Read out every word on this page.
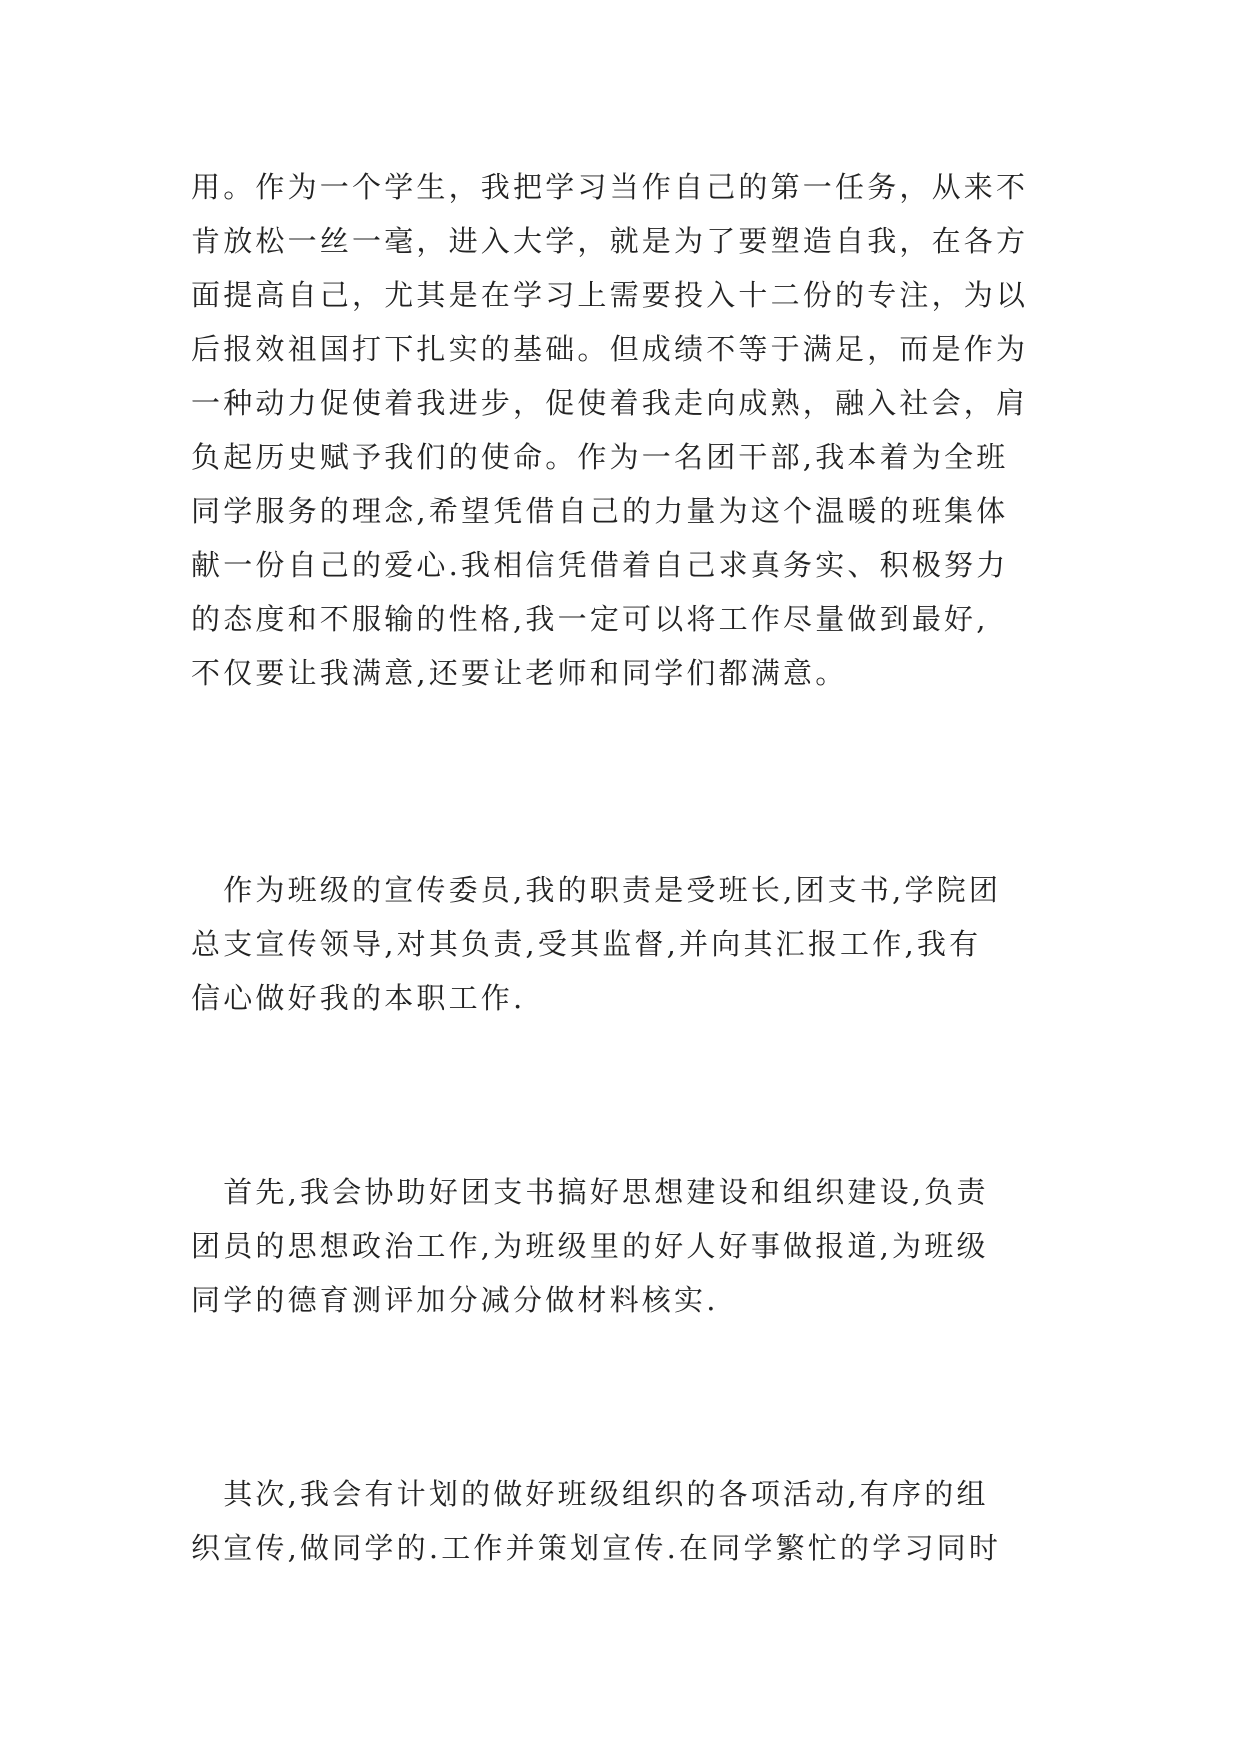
用。作为一个学生，我把学习当作自己的第一任务，从来不
肯放松一丝一毫，进入大学，就是为了要塑造自我，在各方
面提高自己，尤其是在学习上需要投入十二份的专注，为以
后报效祖国打下扎实的基础。但成绩不等于满足，而是作为
一种动力促使着我进步，促使着我走向成熟，融入社会，肩
负起历史赋予我们的使命。作为一名团干部,我本着为全班
同学服务的理念,希望凭借自己的力量为这个温暖的班集体
献一份自己的爱心.我相信凭借着自己求真务实、积极努力
的态度和不服输的性格,我一定可以将工作尽量做到最好,
不仅要让我满意,还要让老师和同学们都满意。

　作为班级的宣传委员,我的职责是受班长,团支书,学院团
总支宣传领导,对其负责,受其监督,并向其汇报工作,我有
信心做好我的本职工作.

　首先,我会协助好团支书搞好思想建设和组织建设,负责
团员的思想政治工作,为班级里的好人好事做报道,为班级
同学的德育测评加分减分做材料核实.

　其次,我会有计划的做好班级组织的各项活动,有序的组
织宣传,做同学的.工作并策划宣传.在同学繁忙的学习同时
